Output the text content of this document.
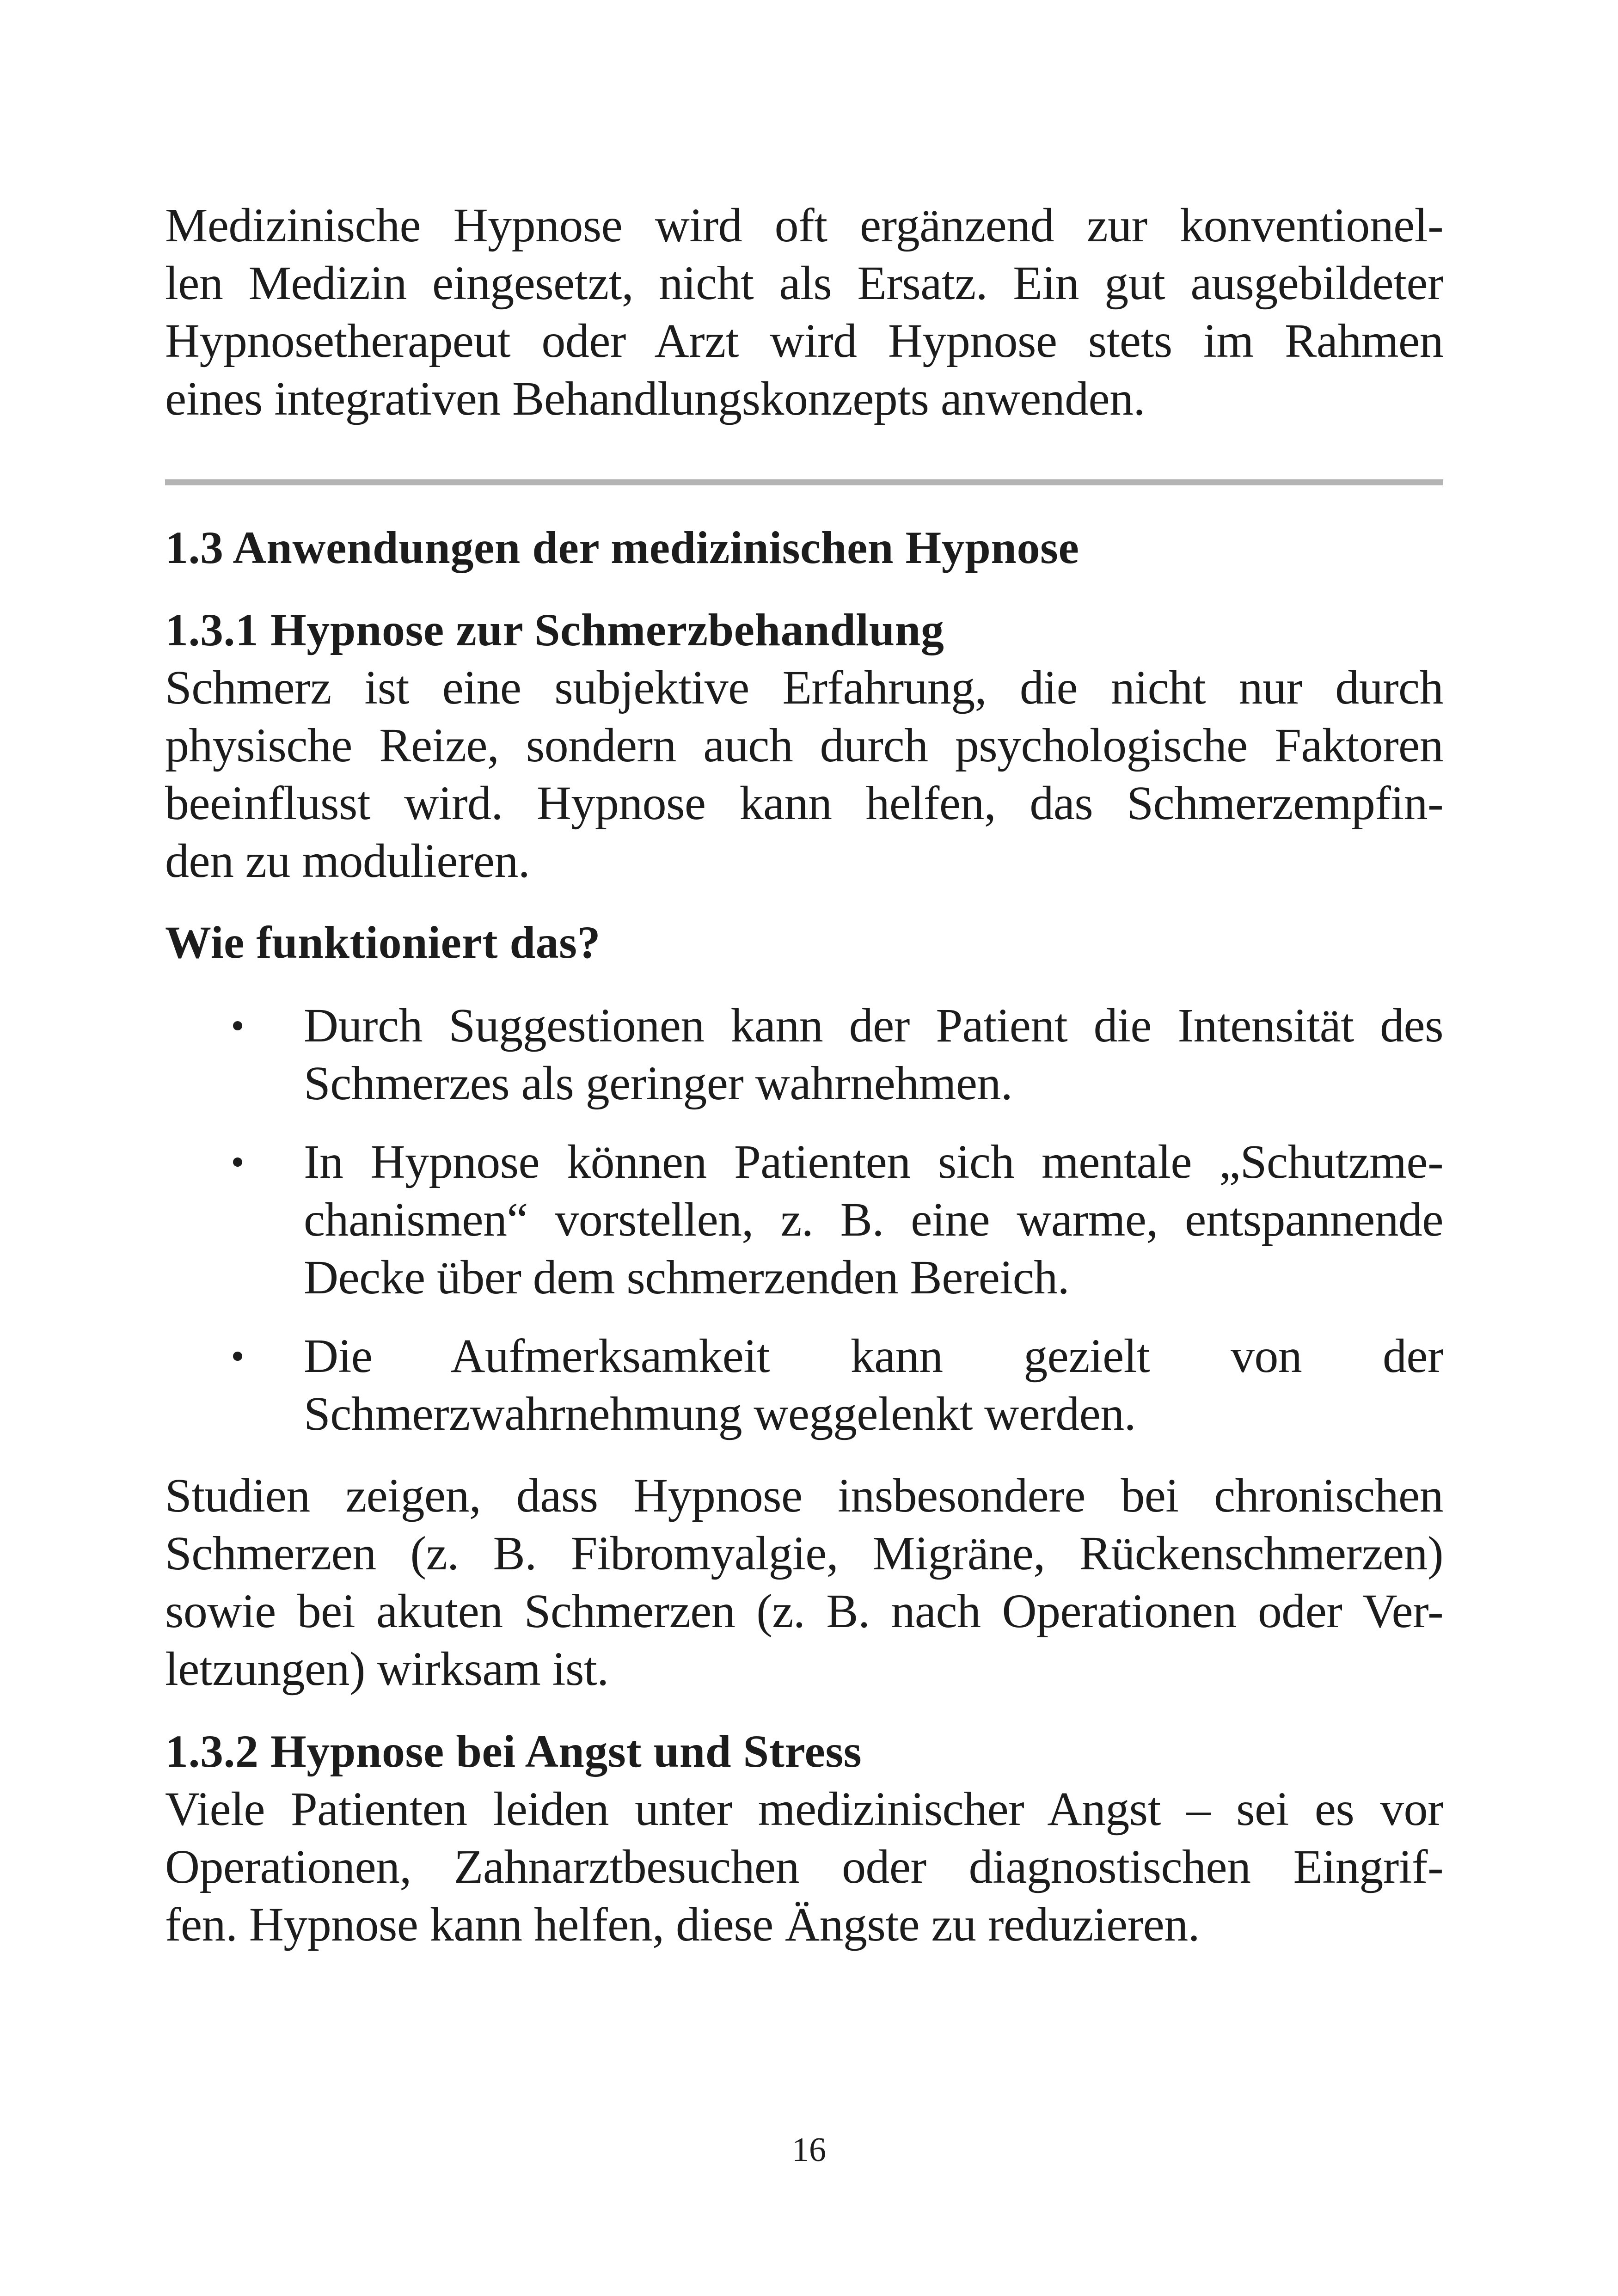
Medizinische Hypnose wird oft ergänzend zur konventionel-
len Medizin eingesetzt, nicht als Ersatz. Ein gut ausgebildeter
Hypnosetherapeut oder Arzt wird Hypnose stets im Rahmen
eines integrativen Behandlungskonzepts anwenden.

1.3 Anwendungen der medizinischen Hypnose
1.3.1 Hypnose zur Schmerzbehandlung

Schmerz ist eine subjektive Erfahrung, die nicht nur durch
physische Reize, sondern auch durch psychologische Faktoren
beeinflusst wird. Hypnose kann helfen, das Schmerzempfin-
den zu modulieren.

Wie funktioniert das?

Durch Suggestionen kann der Patient die Intensität des
Schmerzes als geringer wahrnehmen.

In Hypnose können Patienten sich mentale „Schutzme-
chanismen“ vorstellen, z. B. eine warme, entspannende
Decke über dem schmerzenden Bereich.

Die Aufmerksamkeit kann gezielt von der
Schmerzwahrnehmung weggelenkt werden.

Studien zeigen, dass Hypnose insbesondere bei chronischen
Schmerzen (z. B. Fibromyalgie, Migräne, Rückenschmerzen)
sowie bei akuten Schmerzen (z. B. nach Operationen oder Ver-
letzungen) wirksam ist.

1.3.2 Hypnose bei Angst und Stress

Viele Patienten leiden unter medizinischer Angst – sei es vor
Operationen, Zahnarztbesuchen oder diagnostischen Eingrif-
fen. Hypnose kann helfen, diese Ängste zu reduzieren.

16
